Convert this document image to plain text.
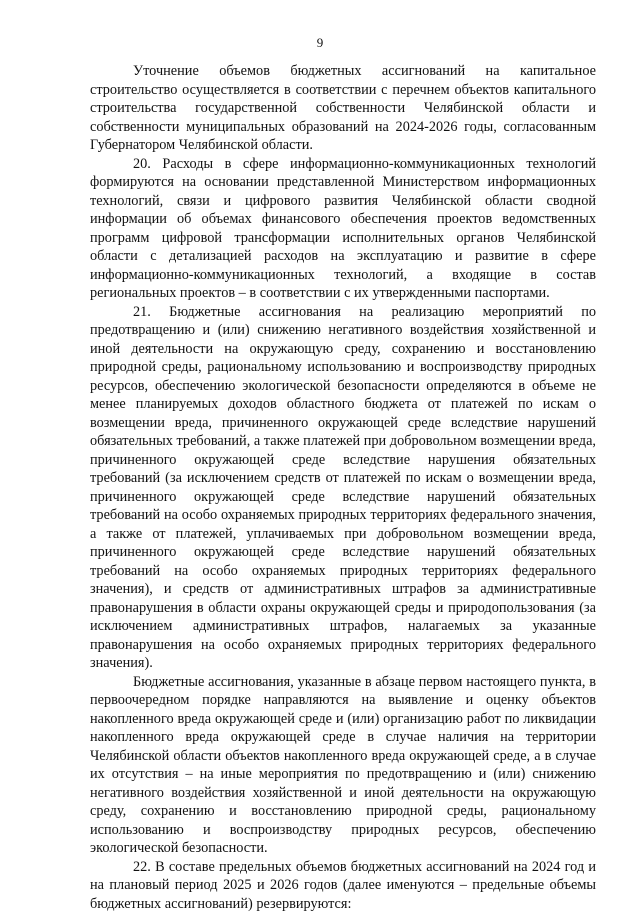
9

Уточнение объемов бюджетных ассигнований на капитальное строительство осуществляется в соответствии с перечнем объектов капитального строительства государственной собственности Челябинской области и собственности муниципальных образований на 2024-2026 годы, согласованным Губернатором Челябинской области.

20. Расходы в сфере информационно-коммуникационных технологий формируются на основании представленной Министерством информационных технологий, связи и цифрового развития Челябинской области сводной информации об объемах финансового обеспечения проектов ведомственных программ цифровой трансформации исполнительных органов Челябинской области с детализацией расходов на эксплуатацию и развитие в сфере информационно-коммуникационных технологий, а входящие в состав региональных проектов – в соответствии с их утвержденными паспортами.

21. Бюджетные ассигнования на реализацию мероприятий по предотвращению и (или) снижению негативного воздействия хозяйственной и иной деятельности на окружающую среду, сохранению и восстановлению природной среды, рациональному использованию и воспроизводству природных ресурсов, обеспечению экологической безопасности определяются в объеме не менее планируемых доходов областного бюджета от платежей по искам о возмещении вреда, причиненного окружающей среде вследствие нарушений обязательных требований, а также платежей при добровольном возмещении вреда, причиненного окружающей среде вследствие нарушения обязательных требований (за исключением средств от платежей по искам о возмещении вреда, причиненного окружающей среде вследствие нарушений обязательных требований на особо охраняемых природных территориях федерального значения, а также от платежей, уплачиваемых при добровольном возмещении вреда, причиненного окружающей среде вследствие нарушений обязательных требований на особо охраняемых природных территориях федерального значения), и средств от административных штрафов за административные правонарушения в области охраны окружающей среды и природопользования (за исключением административных штрафов, налагаемых за указанные правонарушения на особо охраняемых природных территориях федерального значения).

Бюджетные ассигнования, указанные в абзаце первом настоящего пункта, в первоочередном порядке направляются на выявление и оценку объектов накопленного вреда окружающей среде и (или) организацию работ по ликвидации накопленного вреда окружающей среде в случае наличия на территории Челябинской области объектов накопленного вреда окружающей среде, а в случае их отсутствия – на иные мероприятия по предотвращению и (или) снижению негативного воздействия хозяйственной и иной деятельности на окружающую среду, сохранению и восстановлению природной среды, рациональному использованию и воспроизводству природных ресурсов, обеспечению экологической безопасности.

22. В составе предельных объемов бюджетных ассигнований на 2024 год и на плановый период 2025 и 2026 годов (далее именуются – предельные объемы бюджетных ассигнований) резервируются:
